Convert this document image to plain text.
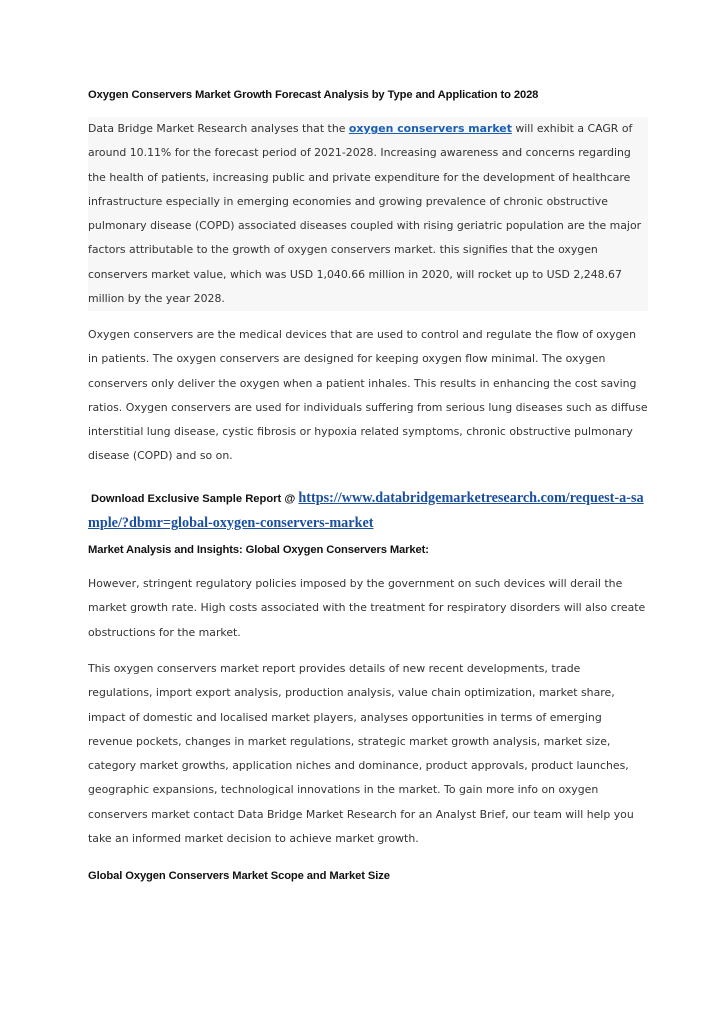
Oxygen Conservers Market Growth Forecast Analysis by Type and Application to 2028

Data Bridge Market Research analyses that the oxygen conservers market will exhibit a CAGR of around 10.11% for the forecast period of 2021-2028. Increasing awareness and concerns regarding the health of patients, increasing public and private expenditure for the development of healthcare infrastructure especially in emerging economies and growing prevalence of chronic obstructive pulmonary disease (COPD) associated diseases coupled with rising geriatric population are the major factors attributable to the growth of oxygen conservers market. this signifies that the oxygen conservers market value, which was USD 1,040.66 million in 2020, will rocket up to USD 2,248.67 million by the year 2028.

Oxygen conservers are the medical devices that are used to control and regulate the flow of oxygen in patients. The oxygen conservers are designed for keeping oxygen flow minimal. The oxygen conservers only deliver the oxygen when a patient inhales. This results in enhancing the cost saving ratios. Oxygen conservers are used for individuals suffering from serious lung diseases such as diffuse interstitial lung disease, cystic fibrosis or hypoxia related symptoms, chronic obstructive pulmonary disease (COPD) and so on.

Download Exclusive Sample Report @ https://www.databridgemarketresearch.com/request-a-sample/?dbmr=global-oxygen-conservers-market
Market Analysis and Insights: Global Oxygen Conservers Market:

However, stringent regulatory policies imposed by the government on such devices will derail the market growth rate. High costs associated with the treatment for respiratory disorders will also create obstructions for the market.

This oxygen conservers market report provides details of new recent developments, trade regulations, import export analysis, production analysis, value chain optimization, market share, impact of domestic and localised market players, analyses opportunities in terms of emerging revenue pockets, changes in market regulations, strategic market growth analysis, market size, category market growths, application niches and dominance, product approvals, product launches, geographic expansions, technological innovations in the market. To gain more info on oxygen conservers market contact Data Bridge Market Research for an Analyst Brief, our team will help you take an informed market decision to achieve market growth.

Global Oxygen Conservers Market Scope and Market Size
